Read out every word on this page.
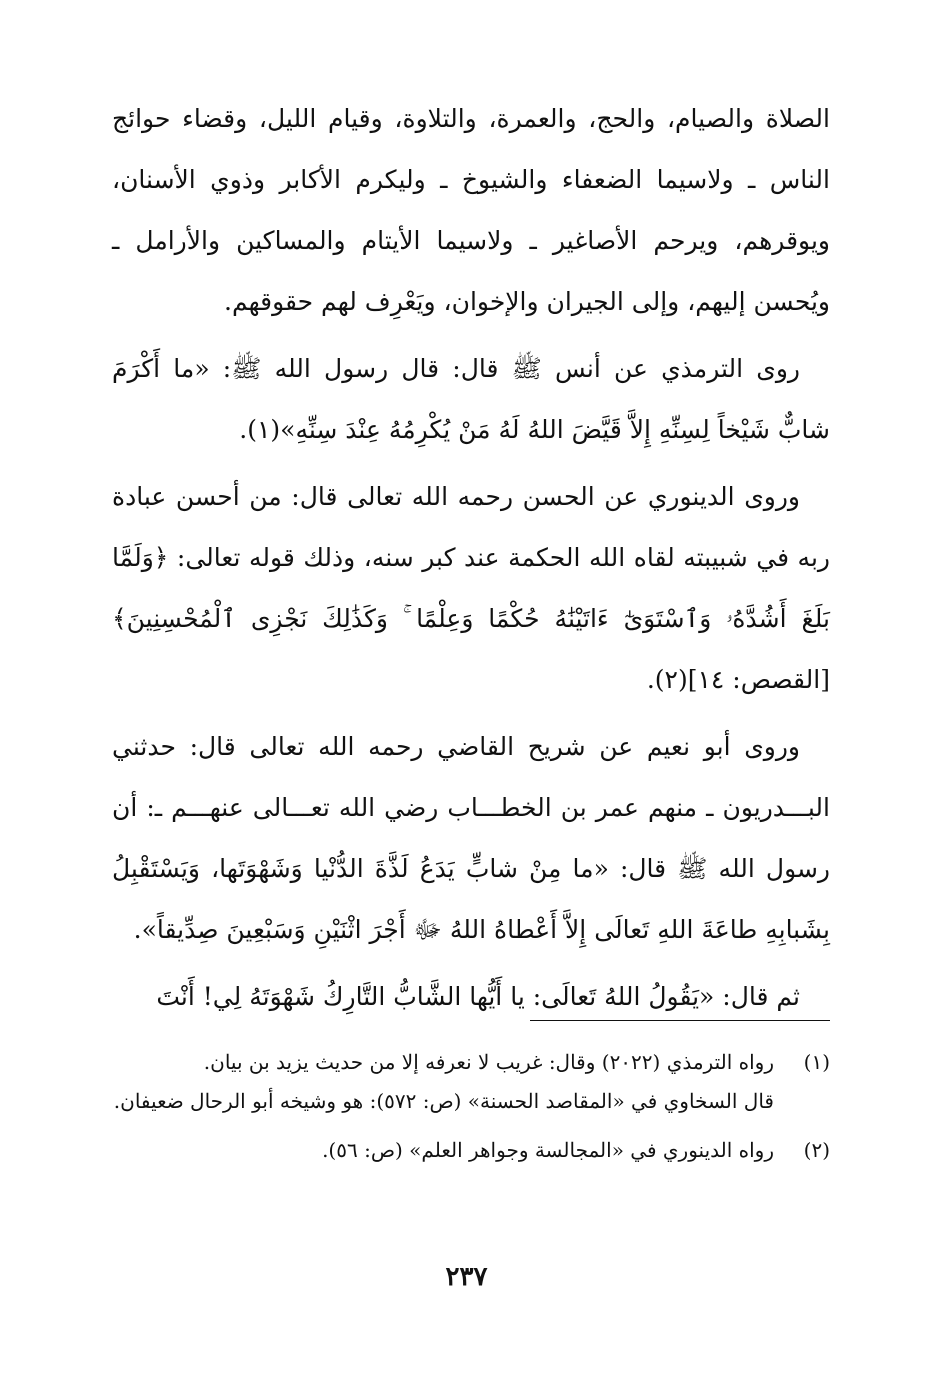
الصلاة والصيام، والحج، والعمرة، والتلاوة، وقيام الليل، وقضاء حوائج الناس ـ ولاسيما الضعفاء والشيوخ ـ وليكرم الأكابر وذوي الأسنان، ويوقرهم، ويرحم الأصاغير ـ ولاسيما الأيتام والمساكين والأرامل ـ ويُحسن إليهم، وإلى الجيران والإخوان، ويَعْرِف لهم حقوقهم.

روى الترمذي عن أنس ﷺ قال: قال رسول الله ﷺ: «ما أَكْرَمَ شابٌّ شَيْخاً لِسِنِّهِ إِلاَّ قَيَّضَ اللهُ لَهُ مَنْ يُكْرِمُهُ عِنْدَ سِنِّهِ»(١).

وروى الدينوري عن الحسن رحمه الله تعالى قال: من أحسن عبادة ربه في شبيبته لقاه الله الحكمة عند كبر سنه، وذلك قوله تعالى: ﴿وَلَمَّا بَلَغَ أَشُدَّهُۥ وَٱسْتَوَىٰٓ ءَاتَيْنَٰهُ حُكْمًا وَعِلْمًا ۚ وَكَذَٰلِكَ نَجْزِى ٱلْمُحْسِنِينَ﴾ [القصص: ١٤](٢).

وروى أبو نعيم عن شريح القاضي رحمه الله تعالى قال: حدثني البـــدريون ـ منهم عمر بن الخطـــاب رضي الله تعـــالى عنهـــم ـ: أن رسول الله ﷺ قال: «ما مِنْ شابٍّ يَدَعُ لَذَّةَ الدُّنْيا وَشَهْوَتَها، وَيَسْتَقْبِلُ بِشَبابِهِ طاعَةَ اللهِ تَعالَى إِلاَّ أَعْطاهُ اللهُ ﷻ أَجْرَ اثْنَيْنِ وَسَبْعِينَ صِدِّيقاً».

ثم قال: «يَقُولُ اللهُ تَعالَى: يا أَيُّها الشَّابُّ التَّارِكُ شَهْوَتَهُ لِي! أَنْتَ

(١)
رواه الترمذي (٢٠٢٢) وقال: غريب لا نعرفه إلا من حديث يزيد بن بيان.
قال السخاوي في «المقاصد الحسنة» (ص: ٥٧٢): هو وشيخه أبو الرحال ضعيفان.
(٢)
رواه الدينوري في «المجالسة وجواهر العلم» (ص: ٥٦).
٢٣٧
